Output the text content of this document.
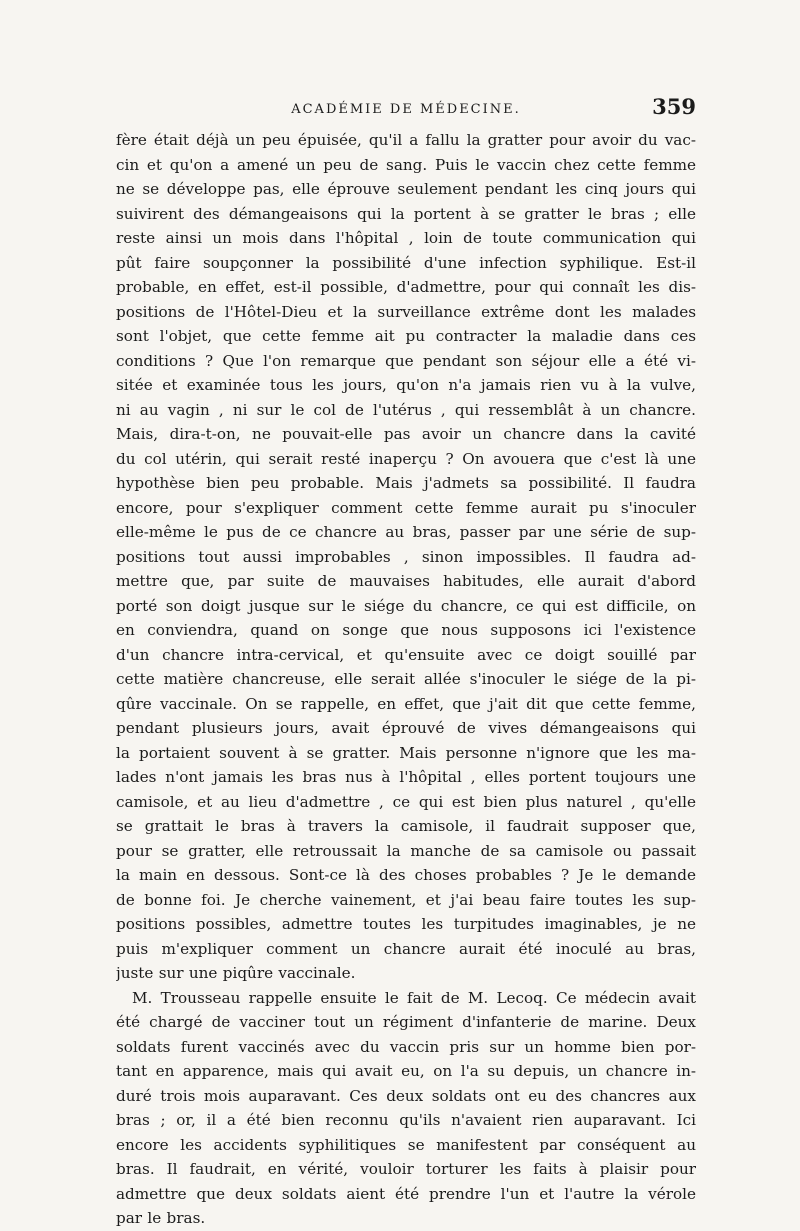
ACADÉMIE DE MÉDECINE.	359
fère était déjà un peu épuisée, qu'il a fallu la gratter pour avoir du vac-
cin et qu'on a amené un peu de sang. Puis le vaccin chez cette femme
ne se développe pas, elle éprouve seulement pendant les cinq jours qui
suivirent des démangeaisons qui la portent à se gratter le bras ; elle
reste ainsi un mois dans l'hôpital , loin de toute communication qui
pût faire soupçonner la possibilité d'une infection syphilique. Est-il
probable, en effet, est-il possible, d'admettre, pour qui connaît les dis-
positions de l'Hôtel-Dieu et la surveillance extrême dont les malades
sont l'objet, que cette femme ait pu contracter la maladie dans ces
conditions ? Que l'on remarque que pendant son séjour elle a été vi-
sitée et examinée tous les jours, qu'on n'a jamais rien vu à la vulve,
ni au vagin , ni sur le col de l'utérus , qui ressemblât à un chancre.
Mais, dira-t-on, ne pouvait-elle pas avoir un chancre dans la cavité
du col utérin, qui serait resté inaperçu ? On avouera que c'est là une
hypothèse bien peu probable. Mais j'admets sa possibilité. Il faudra
encore, pour s'expliquer comment cette femme aurait pu s'inoculer
elle-même le pus de ce chancre au bras, passer par une série de sup-
positions tout aussi improbables , sinon impossibles. Il faudra ad-
mettre que, par suite de mauvaises habitudes, elle aurait d'abord
porté son doigt jusque sur le siége du chancre, ce qui est difficile, on
en conviendra, quand on songe que nous supposons ici l'existence
d'un chancre intra-cervical, et qu'ensuite avec ce doigt souillé par
cette matière chancreuse, elle serait allée s'inoculer le siége de la pi-
qûre vaccinale. On se rappelle, en effet, que j'ait dit que cette femme,
pendant plusieurs jours, avait éprouvé de vives démangeaisons qui
la portaient souvent à se gratter. Mais personne n'ignore que les ma-
lades n'ont jamais les bras nus à l'hôpital , elles portent toujours une
camisole, et au lieu d'admettre , ce qui est bien plus naturel , qu'elle
se grattait le bras à travers la camisole, il faudrait supposer que,
pour se gratter, elle retroussait la manche de sa camisole ou passait
la main en dessous. Sont-ce là des choses probables ? Je le demande
de bonne foi. Je cherche vainement, et j'ai beau faire toutes les sup-
positions possibles, admettre toutes les turpitudes imaginables, je ne
puis m'expliquer comment un chancre aurait été inoculé au bras,
juste sur une piqûre vaccinale.
M. Trousseau rappelle ensuite le fait de M. Lecoq. Ce médecin avait
été chargé de vacciner tout un régiment d'infanterie de marine. Deux
soldats furent vaccinés avec du vaccin pris sur un homme bien por-
tant en apparence, mais qui avait eu, on l'a su depuis, un chancre in-
duré trois mois auparavant. Ces deux soldats ont eu des chancres aux
bras ; or, il a été bien reconnu qu'ils n'avaient rien auparavant. Ici
encore les accidents syphilitiques se manifestent par conséquent au
bras. Il faudrait, en vérité, vouloir torturer les faits à plaisir pour
admettre que deux soldats aient été prendre l'un et l'autre la vérole
par le bras.
